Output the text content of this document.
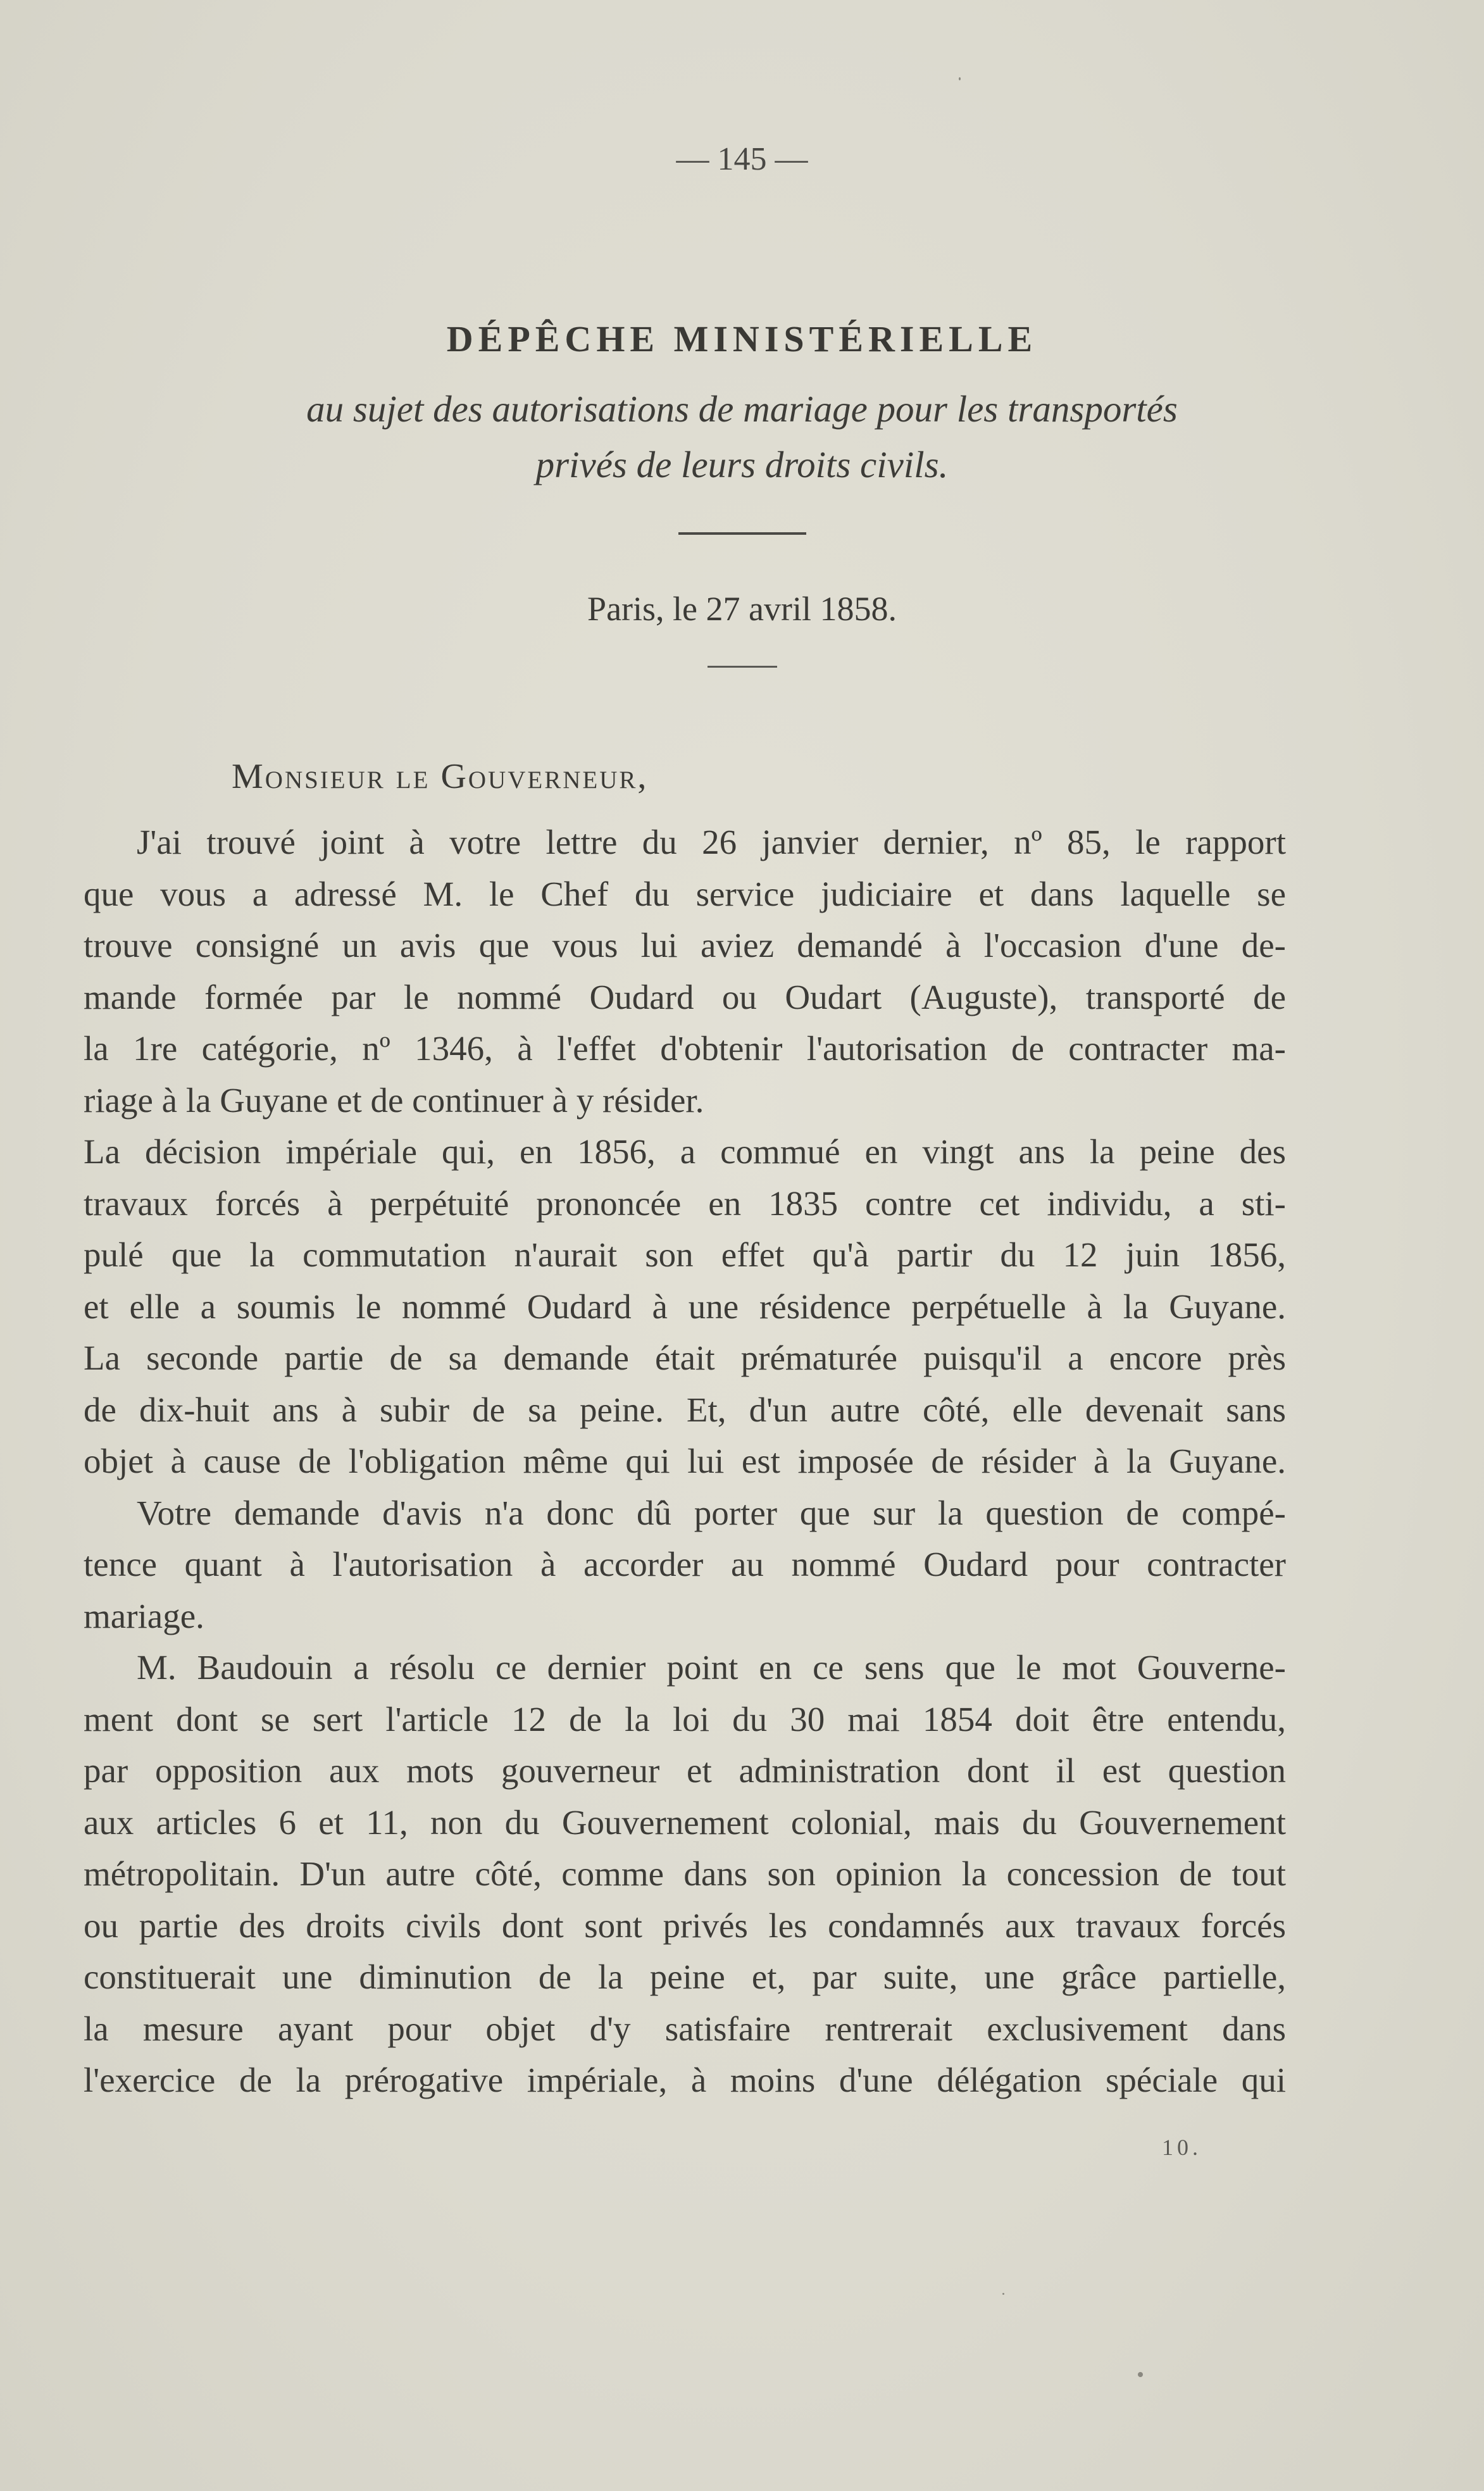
— 145 —
DÉPÊCHE MINISTÉRIELLE
au sujet des autorisations de mariage pour les transportés
privés de leurs droits civils.
Paris, le 27 avril 1858.
Monsieur le Gouverneur,
J'ai trouvé joint à votre lettre du 26 janvier dernier, nº 85, le rapport
que vous a adressé M. le Chef du service judiciaire et dans laquelle se
trouve consigné un avis que vous lui aviez demandé à l'occasion d'une de-
mande formée par le nommé Oudard ou Oudart (Auguste), transporté de
la 1re catégorie, nº 1346, à l'effet d'obtenir l'autorisation de contracter ma-
riage à la Guyane et de continuer à y résider.
La décision impériale qui, en 1856, a commué en vingt ans la peine des
travaux forcés à perpétuité prononcée en 1835 contre cet individu, a sti-
pulé que la commutation n'aurait son effet qu'à partir du 12 juin 1856,
et elle a soumis le nommé Oudard à une résidence perpétuelle à la Guyane.
La seconde partie de sa demande était prématurée puisqu'il a encore près
de dix-huit ans à subir de sa peine. Et, d'un autre côté, elle devenait sans
objet à cause de l'obligation même qui lui est imposée de résider à la Guyane.
Votre demande d'avis n'a donc dû porter que sur la question de compé-
tence quant à l'autorisation à accorder au nommé Oudard pour contracter
mariage.
M. Baudouin a résolu ce dernier point en ce sens que le mot Gouverne-
ment dont se sert l'article 12 de la loi du 30 mai 1854 doit être entendu,
par opposition aux mots gouverneur et administration dont il est question
aux articles 6 et 11, non du Gouvernement colonial, mais du Gouvernement
métropolitain. D'un autre côté, comme dans son opinion la concession de tout
ou partie des droits civils dont sont privés les condamnés aux travaux forcés
constituerait une diminution de la peine et, par suite, une grâce partielle,
la mesure ayant pour objet d'y satisfaire rentrerait exclusivement dans
l'exercice de la prérogative impériale, à moins d'une délégation spéciale qui
10.
